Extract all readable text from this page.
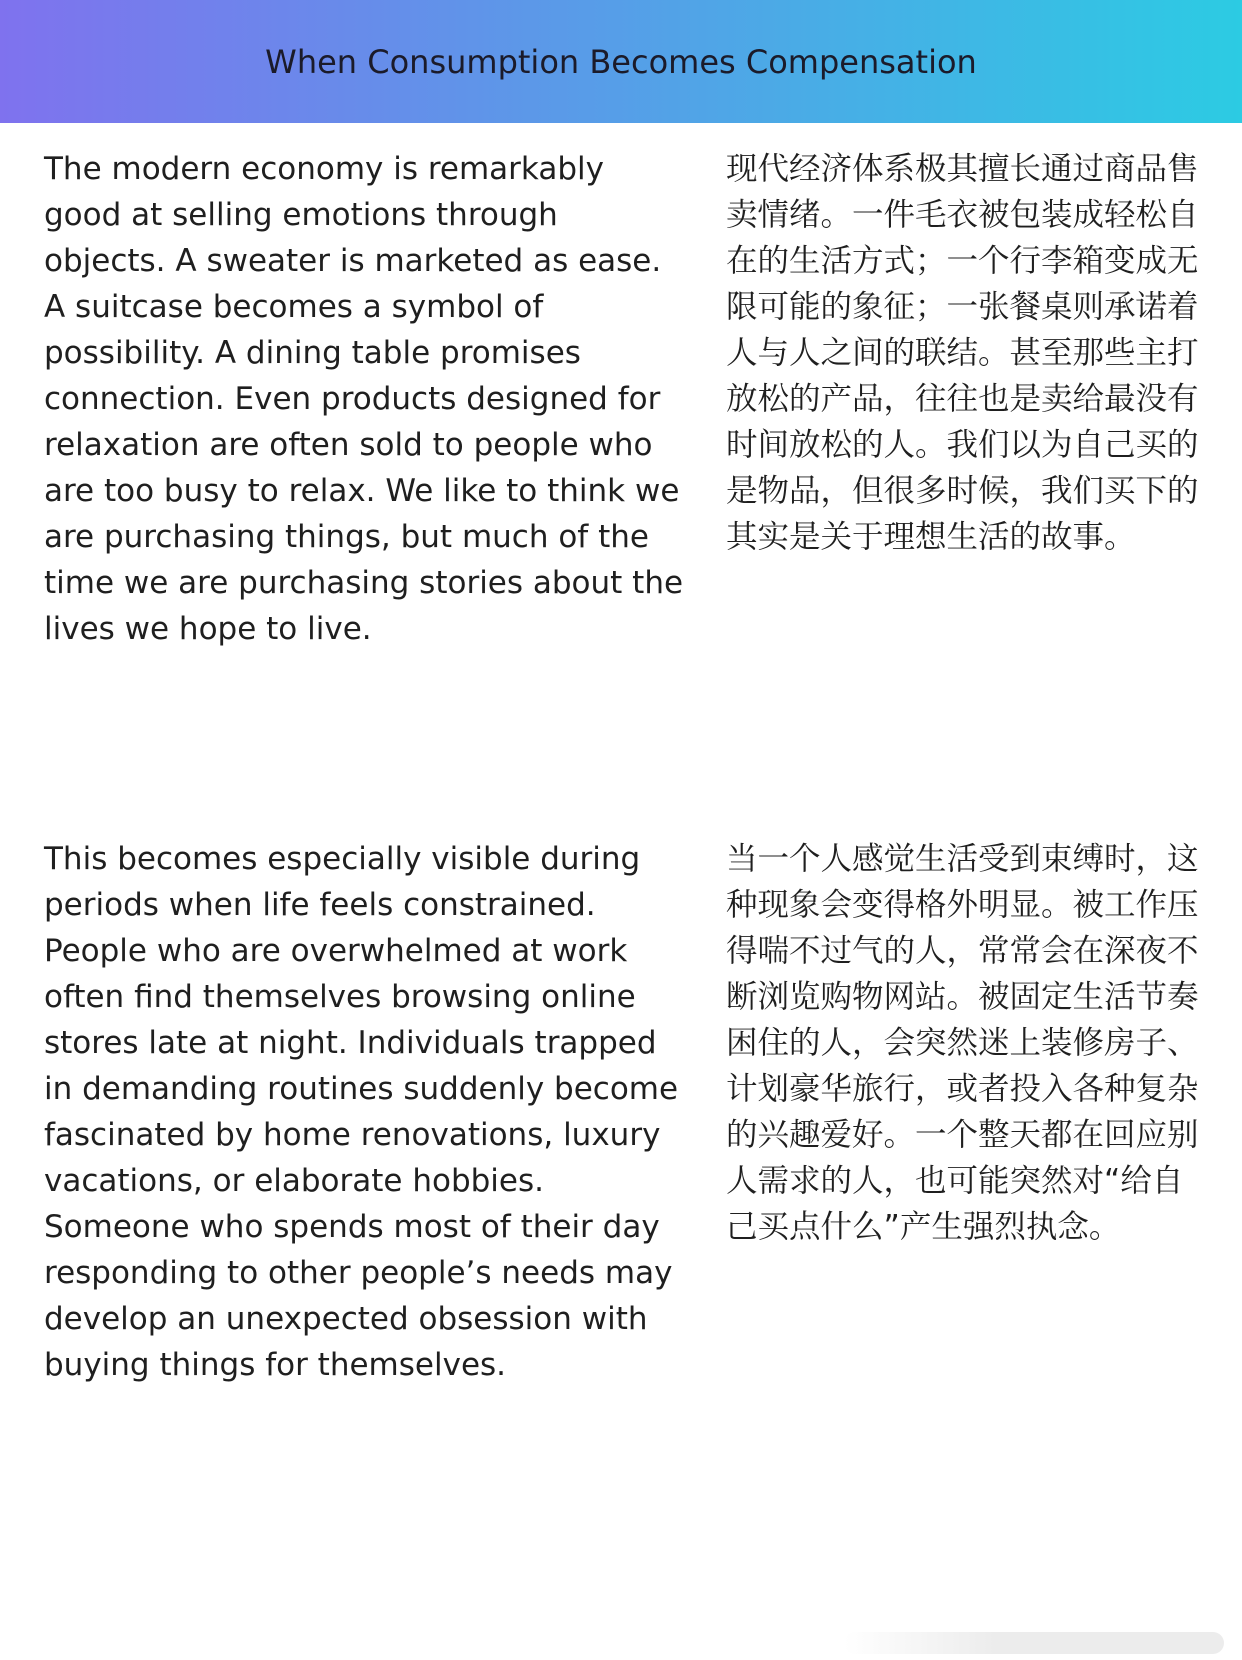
When Consumption Becomes Compensation

The modern economy is remarkably good at selling emotions through objects. A sweater is marketed as ease. A suitcase becomes a symbol of possibility. A dining table promises connection. Even products designed for relaxation are often sold to people who are too busy to relax. We like to think we are purchasing things, but much of the time we are purchasing stories about the lives we hope to live.

现代经济体系极其擅长通过商品售卖情绪。一件毛衣被包装成轻松自在的生活方式；一个行李箱变成无限可能的象征；一张餐桌则承诺着人与人之间的联结。甚至那些主打放松的产品，往往也是卖给最没有时间放松的人。我们以为自己买的是物品，但很多时候，我们买下的其实是关于理想生活的故事。

This becomes especially visible during periods when life feels constrained. People who are overwhelmed at work often find themselves browsing online stores late at night. Individuals trapped in demanding routines suddenly become fascinated by home renovations, luxury vacations, or elaborate hobbies. Someone who spends most of their day responding to other people’s needs may develop an unexpected obsession with buying things for themselves.

当一个人感觉生活受到束缚时，这种现象会变得格外明显。被工作压得喘不过气的人，常常会在深夜不断浏览购物网站。被固定生活节奏困住的人，会突然迷上装修房子、计划豪华旅行，或者投入各种复杂的兴趣爱好。一个整天都在回应别人需求的人，也可能突然对“给自己买点什么”产生强烈执念。
